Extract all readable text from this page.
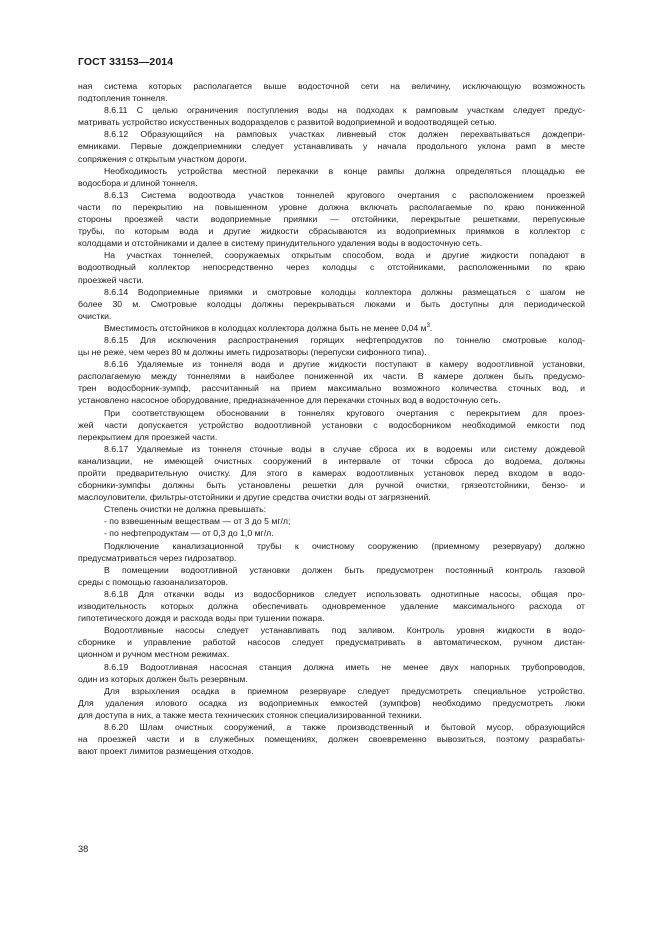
ГОСТ 33153—2014
ная система которых располагается выше водосточной сети на величину, исключающую возможность
подтопления тоннеля.
8.6.11 С целью ограничения поступления воды на подходах к рамповым участкам следует предус-
матривать устройство искусственных водоразделов с развитой водоприемной и водоотводящей сетью.
8.6.12 Образующийся на рамповых участках ливневый сток должен перехватываться дождепри-
емниками. Первые дождеприемники следует устанавливать у начала продольного уклона рамп в месте
сопряжения с открытым участком дороги.
Необходимость устройства местной перекачки в конце рампы должна определяться площадью ее
водосбора и длиной тоннеля.
8.6.13 Система водоотвода участков тоннелей кругового очертания с расположением проезжей
части по перекрытию на повышенном уровне должна включать располагаемые по краю пониженной
стороны проезжей части водоприемные приямки — отстойники, перекрытые решетками, перепускные
трубы, по которым вода и другие жидкости сбрасываются из водоприемных приямков в коллектор с
колодцами и отстойниками и далее в систему принудительного удаления воды в водосточную сеть.
На участках тоннелей, сооружаемых открытым способом, вода и другие жидкости попадают в
водоотводный коллектор непосредственно через колодцы с отстойниками, расположенными по краю
проезжей части.
8.6.14 Водоприемные приямки и смотровые колодцы коллектора должны размещаться с шагом не
более 30 м. Смотровые колодцы должны перекрываться люками и быть доступны для периодической
очистки.
Вместимость отстойников в колодцах коллектора должна быть не менее 0,04 $м^3$.
8.6.15 Для исключения распространения горящих нефтепродуктов по тоннелю смотровые колод-
цы не реже, чем через 80 м должны иметь гидрозатворы (перепуски сифонного типа).
8.6.16 Удаляемые из тоннеля вода и другие жидкости поступают в камеру водоотливной установки,
располагаемую между тоннелями в наиболее пониженной их части. В камере должен быть предусмо-
трен водосборник-зумпф, рассчитанный на прием максимально возможного количества сточных вод, и
установлено насосное оборудование, предназначенное для перекачки сточных вод в водосточную сеть.
При соответствующем обосновании в тоннелях кругового очертания с перекрытием для проез-
жей части допускается устройство водоотливной установки с водосборником необходимой емкости под
перекрытием для проезжей части.
8.6.17 Удаляемые из тоннеля сточные воды в случае сброса их в водоемы или систему дождевой
канализации, не имеющей очистных сооружений в интервале от точки сброса до водоема, должны
пройти предварительную очистку. Для этого в камерах водоотливных установок перед входом в водо-
сборники-зумпфы должны быть установлены решетки для ручной очистки, грязеотстойники, бензо- и
маслоуловители, фильтры-отстойники и другие средства очистки воды от загрязнений.
Степень очистки не должна превышать:
- по взвешенным веществам — от 3 до 5 мг/л;
- по нефтепродуктам — от 0,3 до 1,0 мг/л.
Подключение канализационной трубы к очистному сооружению (приемному резервуару) должно
предусматриваться через гидрозатвор.
В помещении водоотливной установки должен быть предусмотрен постоянный контроль газовой
среды с помощью газоанализаторов.
8.6.18 Для откачки воды из водосборников следует использовать однотипные насосы, общая про-
изводительность которых должна обеспечивать одновременное удаление максимального расхода от
гипотетического дождя и расхода воды при тушении пожара.
Водоотливные насосы следует устанавливать под заливом. Контроль уровня жидкости в водо-
сборнике и управление работой насосов следует предусматривать в автоматическом, ручном дистан-
ционном и ручном местном режимах.
8.6.19 Водоотливная насосная станция должна иметь не менее двух напорных трубопроводов,
один из которых должен быть резервным.
Для взрыхления осадка в приемном резервуаре следует предусмотреть специальное устройство.
Для удаления илового осадка из водоприемных емкостей (зумпфов) необходимо предусмотреть люки
для доступа в них, а также места технических стоянок специализированной техники.
8.6.20 Шлам очистных сооружений, а также производственный и бытовой мусор, образующийся
на проезжей части и в служебных помещениях, должен своевременно вывозиться, поэтому разрабаты-
вают проект лимитов размещения отходов.
38
